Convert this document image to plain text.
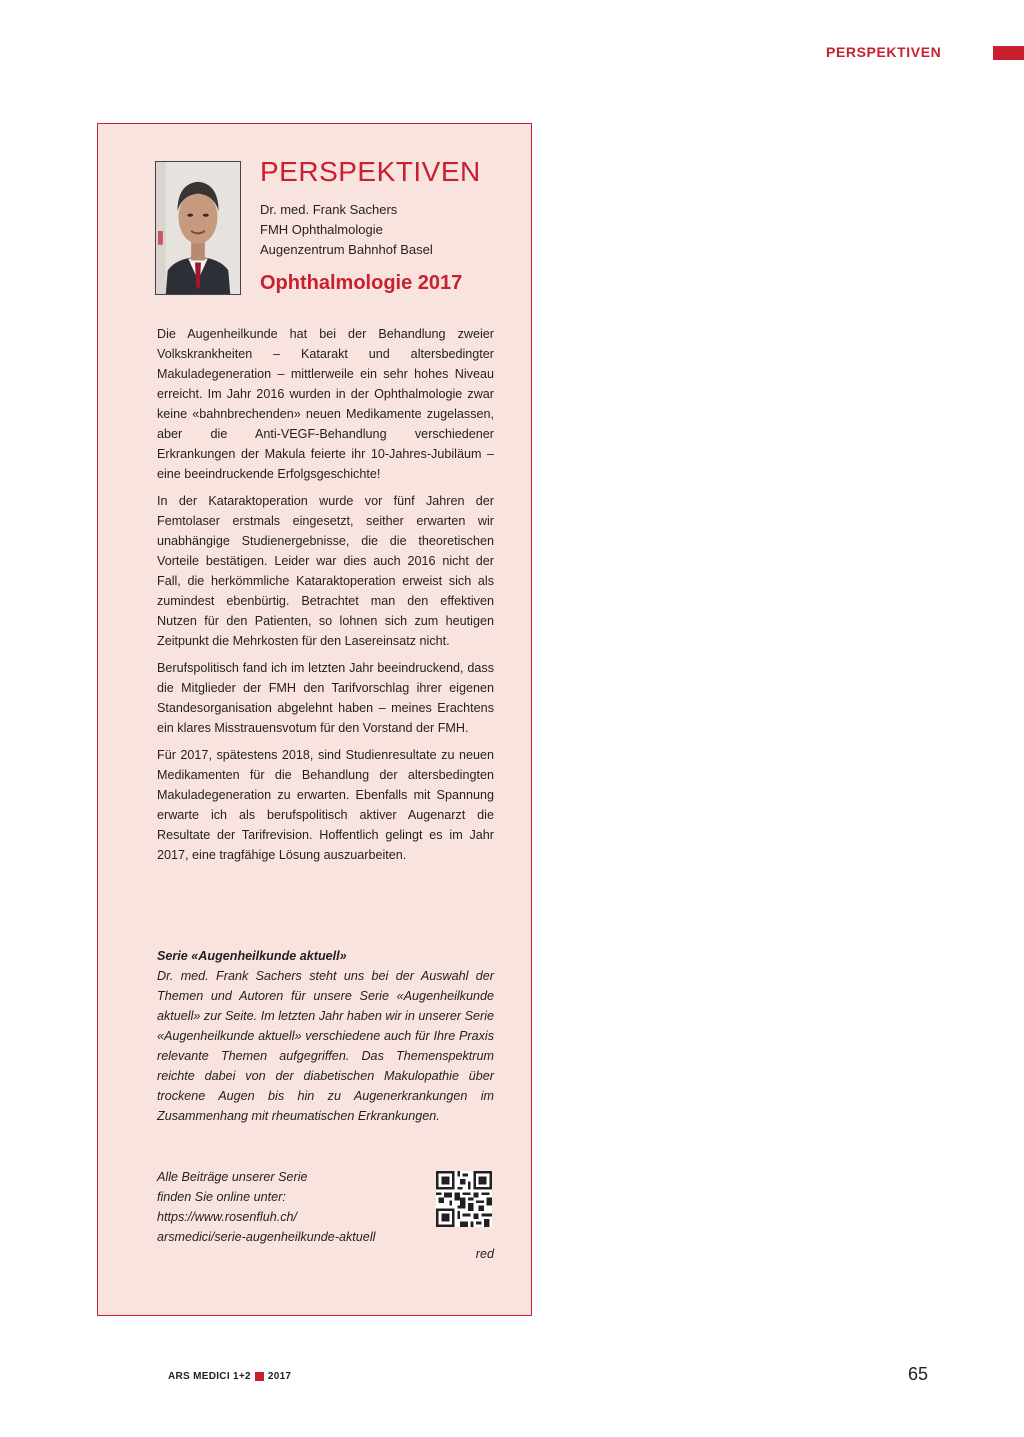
PERSPEKTIVEN
PERSPEKTIVEN
Dr. med. Frank Sachers
FMH Ophthalmologie
Augenzentrum Bahnhof Basel
Ophthalmologie 2017

Die Augenheilkunde hat bei der Behandlung zweier Volkskrankheiten – Katarakt und altersbedingter Makuladegeneration – mittlerweile ein sehr hohes Niveau erreicht. Im Jahr 2016 wurden in der Ophthalmologie zwar keine «bahnbrechenden» neuen Medikamente zugelassen, aber die Anti-VEGF-Behandlung verschiedener Erkrankungen der Makula feierte ihr 10-Jahres-Jubiläum – eine beeindruckende Erfolgsgeschichte!

In der Kataraktoperation wurde vor fünf Jahren der Femtolaser erstmals eingesetzt, seither erwarten wir unabhängige Studienergebnisse, die die theoretischen Vorteile bestätigen. Leider war dies auch 2016 nicht der Fall, die herkömmliche Kataraktoperation erweist sich als zumindest ebenbürtig. Betrachtet man den effektiven Nutzen für den Patienten, so lohnen sich zum heutigen Zeitpunkt die Mehrkosten für den Lasereinsatz nicht.

Berufspolitisch fand ich im letzten Jahr beeindruckend, dass die Mitglieder der FMH den Tarifvorschlag ihrer eigenen Standesorganisation abgelehnt haben – meines Erachtens ein klares Misstrauensvotum für den Vorstand der FMH.

Für 2017, spätestens 2018, sind Studienresultate zu neuen Medikamenten für die Behandlung der altersbedingten Makuladegeneration zu erwarten. Ebenfalls mit Spannung erwarte ich als berufspolitisch aktiver Augenarzt die Resultate der Tarifrevision. Hoffentlich gelingt es im Jahr 2017, eine tragfähige Lösung auszuarbeiten.

Serie «Augenheilkunde aktuell»
Dr. med. Frank Sachers steht uns bei der Auswahl der Themen und Autoren für unsere Serie «Augenheilkunde aktuell» zur Seite. Im letzten Jahr haben wir in unserer Serie «Augenheilkunde aktuell» verschiedene auch für Ihre Praxis relevante Themen aufgegriffen. Das Themenspektrum reichte dabei von der diabetischen Makulopathie über trockene Augen bis hin zu Augenerkrankungen im Zusammenhang mit rheumatischen Erkrankungen.
Alle Beiträge unserer Serie
finden Sie online unter:
https://www.rosenfluh.ch/
arsmedici/serie-augenheilkunde-aktuell
red
ARS MEDICI 1+2 2017	65
